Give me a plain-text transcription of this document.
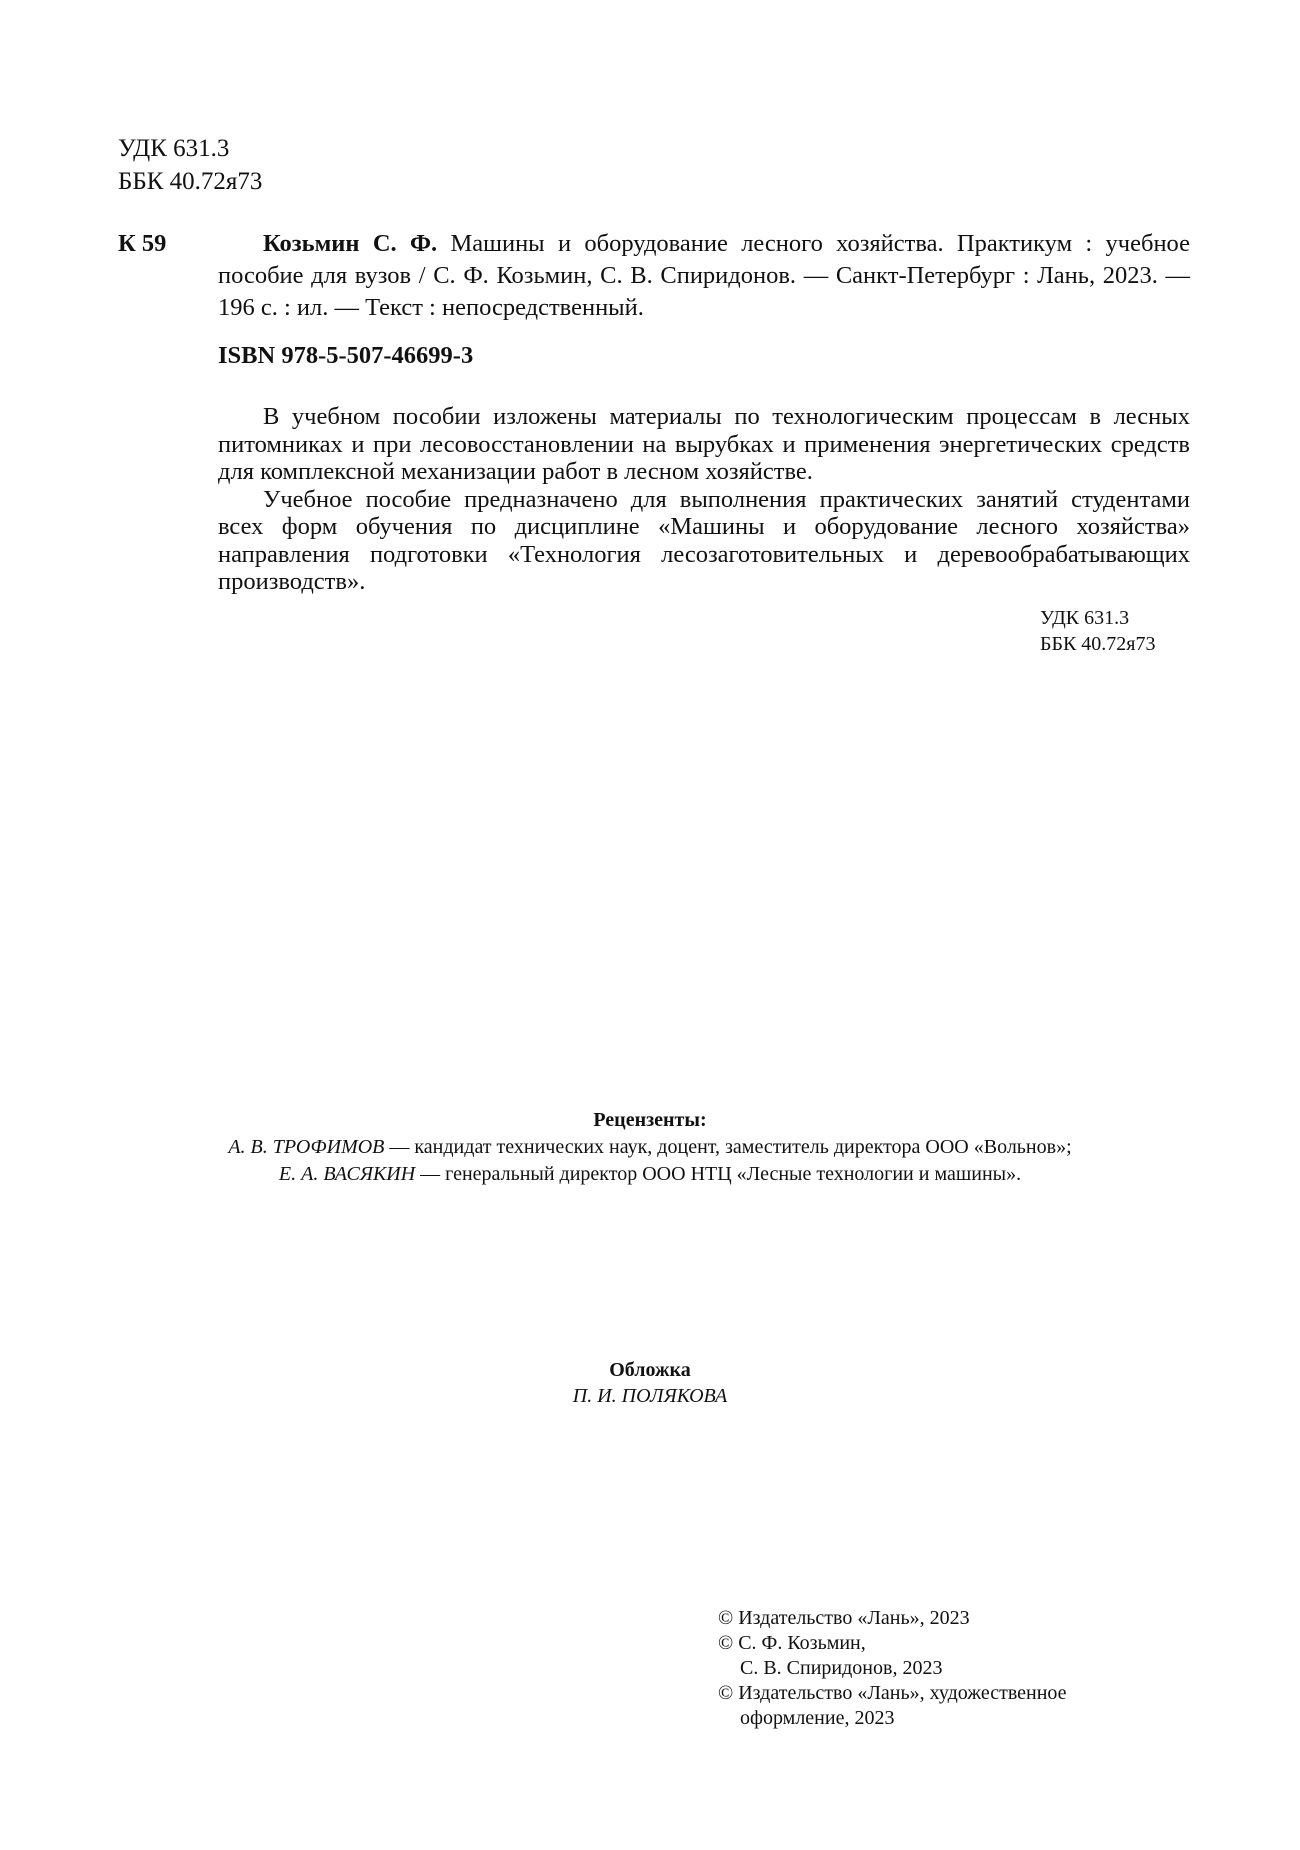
УДК 631.3
ББК 40.72я73
К 59	Козьмин С. Ф. Машины и оборудование лесного хозяйства. Практикум : учебное пособие для вузов / С. Ф. Козьмин, С. В. Спиридонов. — Санкт-Петербург : Лань, 2023. — 196 с. : ил. — Текст : непосредственный.
ISBN 978-5-507-46699-3

В учебном пособии изложены материалы по технологическим процессам в лесных питомниках и при лесовосстановлении на вырубках и применения энергетических средств для комплексной механизации работ в лесном хозяйстве.

Учебное пособие предназначено для выполнения практических занятий студентами всех форм обучения по дисциплине «Машины и оборудование лесного хозяйства» направления подготовки «Технология лесозаготовительных и деревообрабатывающих производств».

УДК 631.3
ББК 40.72я73
Рецензенты:
А. В. ТРОФИМОВ — кандидат технических наук, доцент, заместитель директора ООО «Вольнов»;
Е. А. ВАСЯКИН — генеральный директор ООО НТЦ «Лесные технологии и машины».
Обложка
П. И. ПОЛЯКОВА
© Издательство «Лань», 2023
© С. Ф. Козьмин,
С. В. Спиридонов, 2023
© Издательство «Лань», художественное
оформление, 2023
